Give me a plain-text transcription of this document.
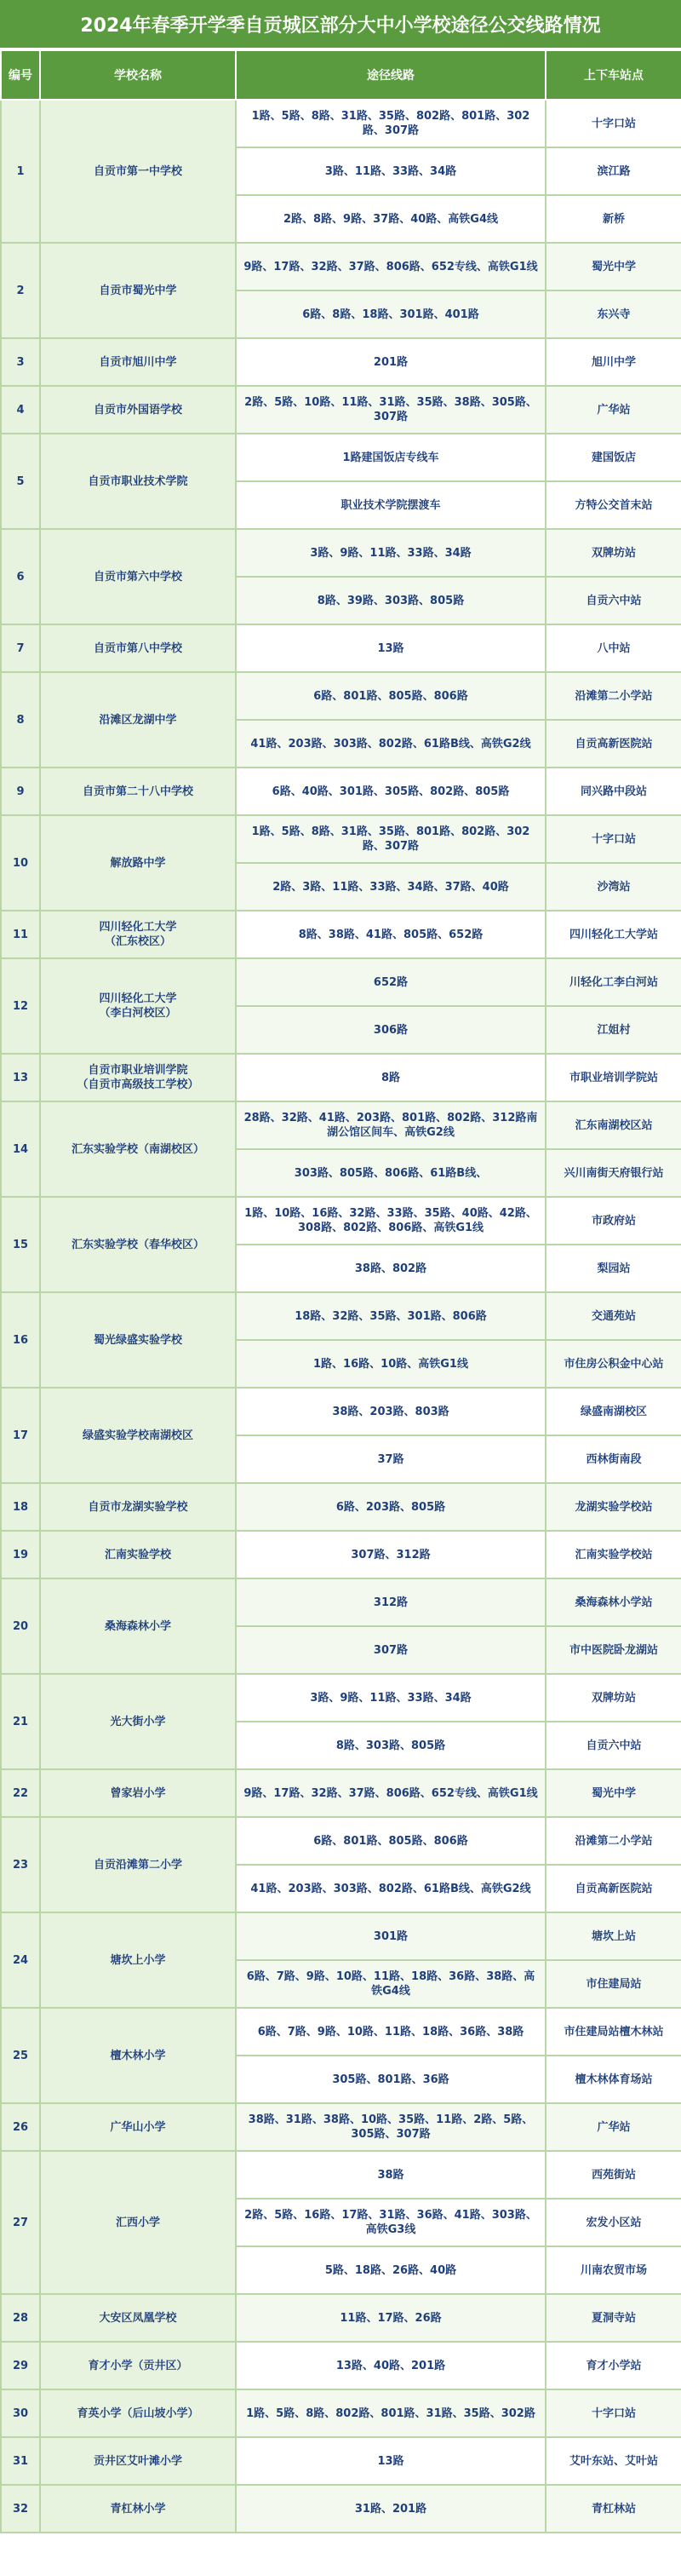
2024年春季开学季自贡城区部分大中小学校途径公交线路情况
编号	学校名称	途径线路	上下车站点
1	自贡市第一中学校	1路、5路、8路、31路、35路、802路、801路、302路、307路	十字口站
		3路、11路、33路、34路	滨江路
		2路、8路、9路、37路、40路、高铁G4线	新桥
2	自贡市蜀光中学	9路、17路、32路、37路、806路、652专线、高铁G1线	蜀光中学
		6路、8路、18路、301路、401路	东兴寺
3	自贡市旭川中学	201路	旭川中学
4	自贡市外国语学校	2路、5路、10路、11路、31路、35路、38路、305路、307路	广华站
5	自贡市职业技术学院	1路建国饭店专线车	建国饭店
		职业技术学院摆渡车	方特公交首末站
6	自贡市第六中学校	3路、9路、11路、33路、34路	双牌坊站
		8路、39路、303路、805路	自贡六中站
7	自贡市第八中学校	13路	八中站
8	沿滩区龙湖中学	6路、801路、805路、806路	沿滩第二小学站
		41路、203路、303路、802路、61路B线、高铁G2线	自贡高新医院站
9	自贡市第二十八中学校	6路、40路、301路、305路、802路、805路	同兴路中段站
10	解放路中学	1路、5路、8路、31路、35路、801路、802路、302路、307路	十字口站
		2路、3路、11路、33路、34路、37路、40路	沙湾站
11	四川轻化工大学
（汇东校区）	8路、38路、41路、805路、652路	四川轻化工大学站
12	四川轻化工大学
（李白河校区）	652路	川轻化工李白河站
		306路	江姐村
13	自贡市职业培训学院
（自贡市高级技工学校）	8路	市职业培训学院站
14	汇东实验学校（南湖校区）	28路、32路、41路、203路、801路、802路、312路南湖公馆区间车、高铁G2线	汇东南湖校区站
		303路、805路、806路、61路B线、	兴川南街天府银行站
15	汇东实验学校（春华校区）	1路、10路、16路、32路、33路、35路、40路、42路、308路、802路、806路、高铁G1线	市政府站
		38路、802路	梨园站
16	蜀光绿盛实验学校	18路、32路、35路、301路、806路	交通苑站
		1路、16路、10路、高铁G1线	市住房公积金中心站
17	绿盛实验学校南湖校区	38路、203路、803路	绿盛南湖校区
		37路	西林街南段
18	自贡市龙湖实验学校	6路、203路、805路	龙湖实验学校站
19	汇南实验学校	307路、312路	汇南实验学校站
20	桑海森林小学	312路	桑海森林小学站
		307路	市中医院卧龙湖站
21	光大街小学	3路、9路、11路、33路、34路	双牌坊站
		8路、303路、805路	自贡六中站
22	曾家岩小学	9路、17路、32路、37路、806路、652专线、高铁G1线	蜀光中学
23	自贡沿滩第二小学	6路、801路、805路、806路	沿滩第二小学站
		41路、203路、303路、802路、61路B线、高铁G2线	自贡高新医院站
24	塘坎上小学	301路	塘坎上站
		6路、7路、9路、10路、11路、18路、36路、38路、高铁G4线	市住建局站
25	檀木林小学	6路、7路、9路、10路、11路、18路、36路、38路	市住建局站檀木林站
		305路、801路、36路	檀木林体育场站
26	广华山小学	38路、31路、38路、10路、35路、11路、2路、5路、305路、307路	广华站
27	汇西小学	38路	西苑街站
		2路、5路、16路、17路、31路、36路、41路、303路、高铁G3线	宏发小区站
		5路、18路、26路、40路	川南农贸市场
28	大安区凤凰学校	11路、17路、26路	夏洞寺站
29	育才小学（贡井区）	13路、40路、201路	育才小学站
30	育英小学（后山坡小学）	1路、5路、8路、802路、801路、31路、35路、302路	十字口站
31	贡井区艾叶滩小学	13路	艾叶东站、艾叶站
32	青杠林小学	31路、201路	青杠林站
